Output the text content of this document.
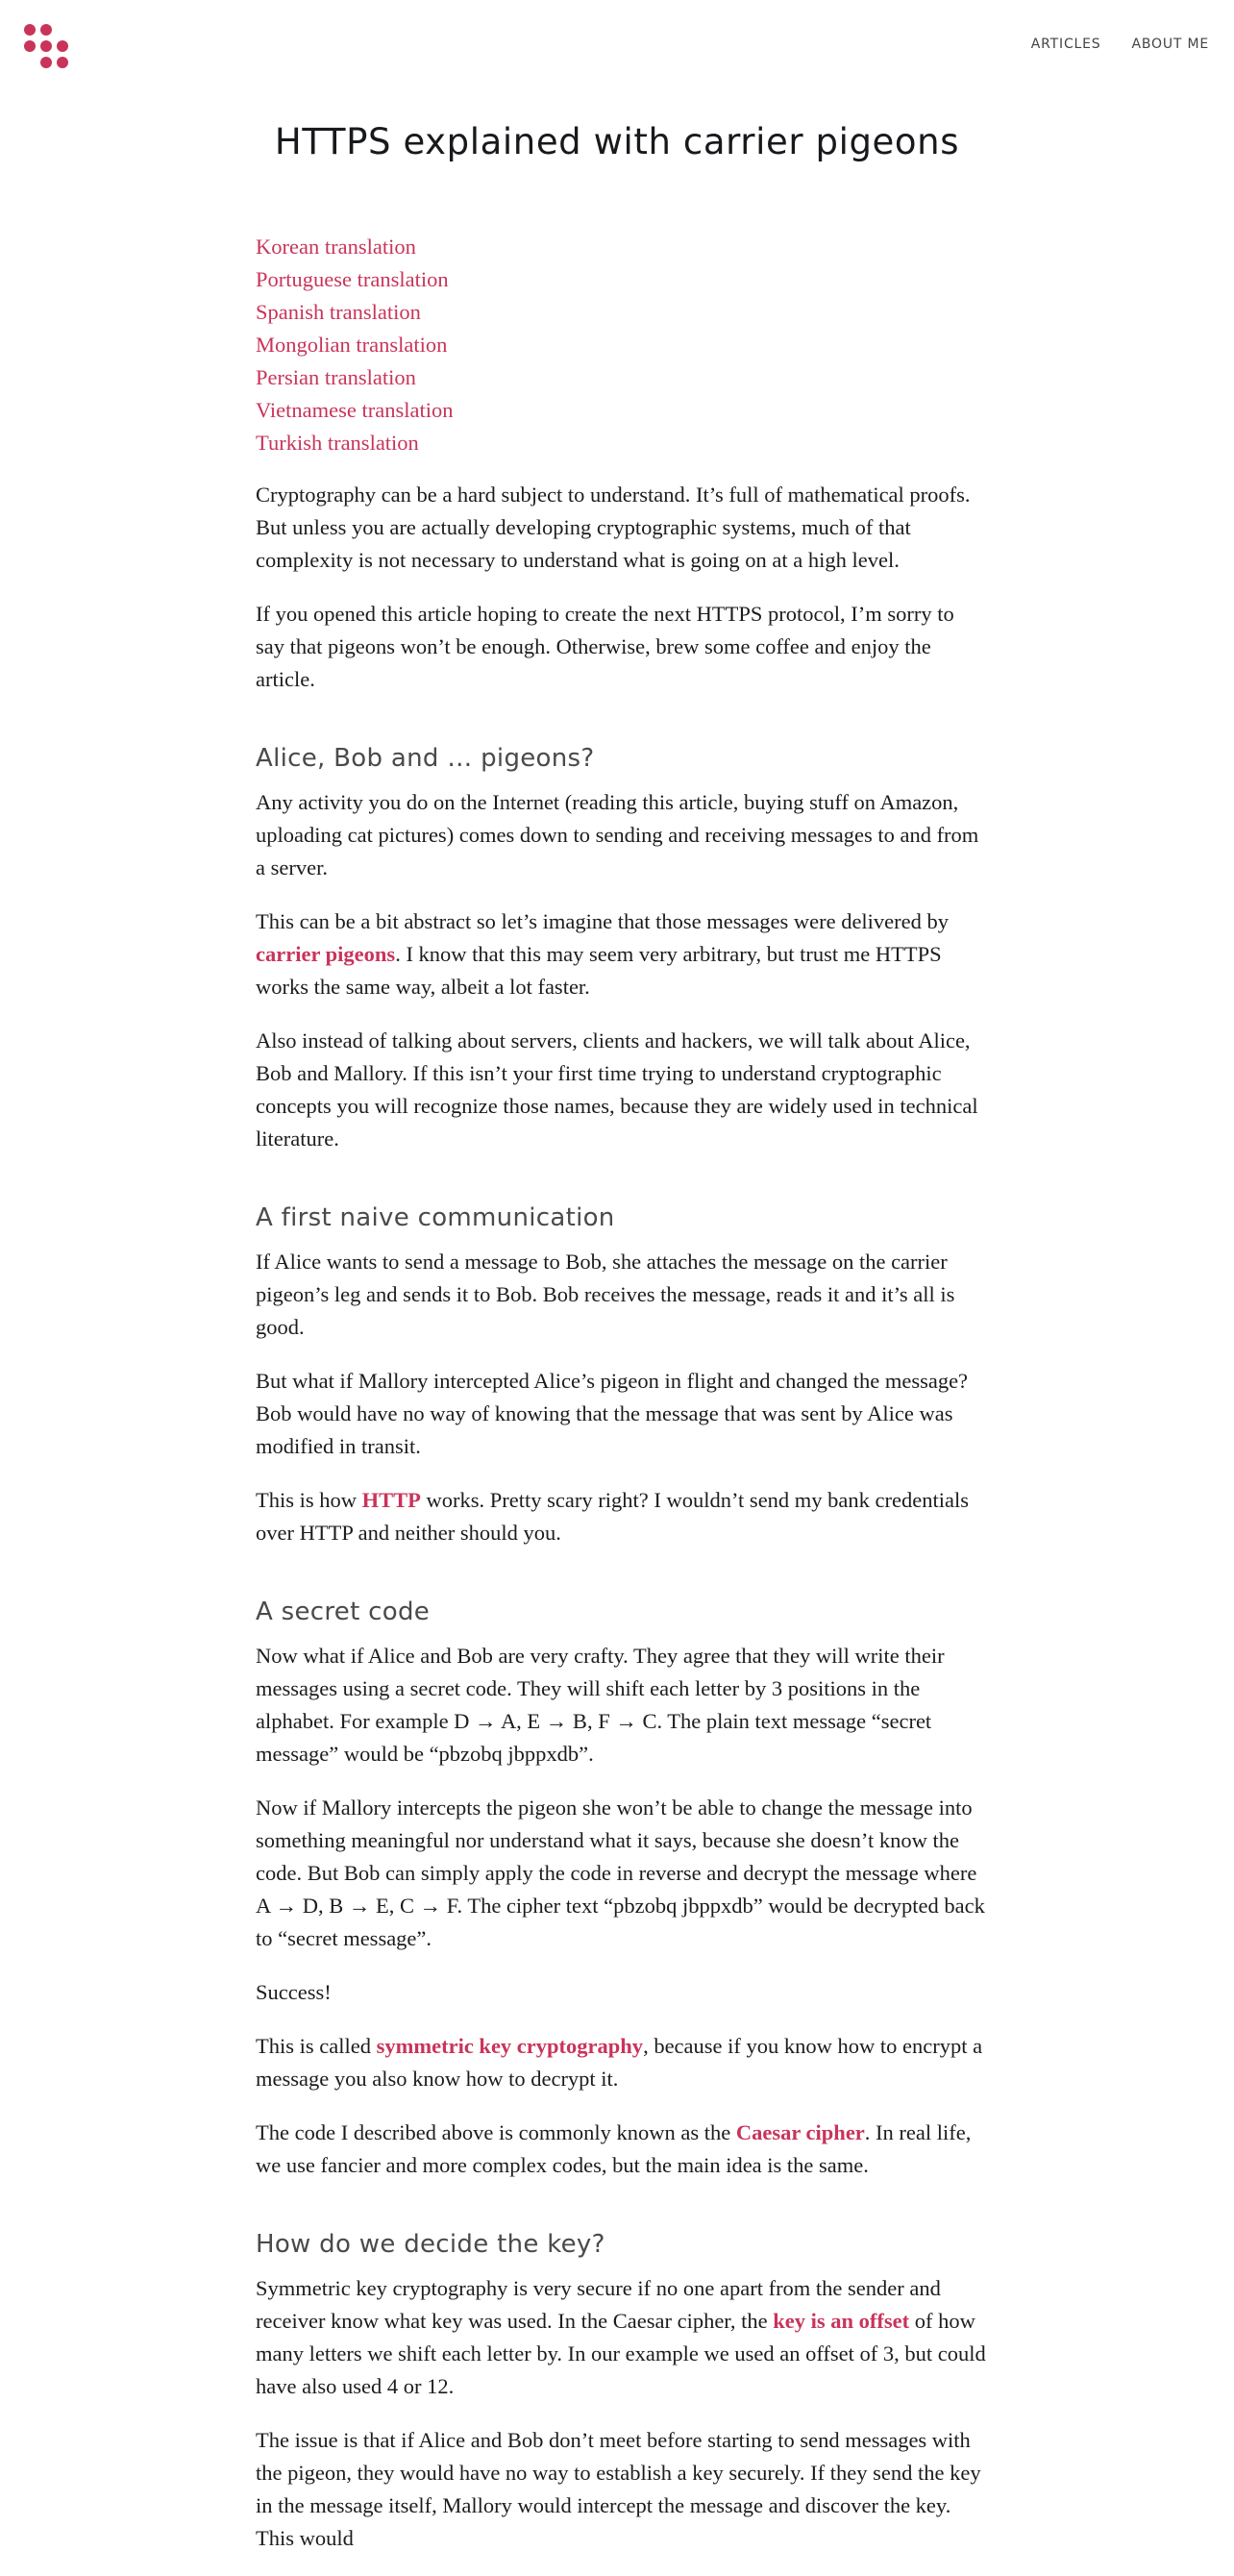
ARTICLES ABOUT ME
HTTPS explained with carrier pigeons
Korean translation
Portuguese translation
Spanish translation
Mongolian translation
Persian translation
Vietnamese translation
Turkish translation

Cryptography can be a hard subject to understand. It’s full of mathematical proofs. But unless you are actually developing cryptographic systems, much of that complexity is not necessary to understand what is going on at a high level.

If you opened this article hoping to create the next HTTPS protocol, I’m sorry to say that pigeons won’t be enough. Otherwise, brew some coffee and enjoy the article.

Alice, Bob and … pigeons?

Any activity you do on the Internet (reading this article, buying stuff on Amazon, uploading cat pictures) comes down to sending and receiving messages to and from a server.

This can be a bit abstract so let’s imagine that those messages were delivered by carrier pigeons. I know that this may seem very arbitrary, but trust me HTTPS works the same way, albeit a lot faster.

Also instead of talking about servers, clients and hackers, we will talk about Alice, Bob and Mallory. If this isn’t your first time trying to understand cryptographic concepts you will recognize those names, because they are widely used in technical literature.

A first naive communication

If Alice wants to send a message to Bob, she attaches the message on the carrier pigeon’s leg and sends it to Bob. Bob receives the message, reads it and it’s all is good.

But what if Mallory intercepted Alice’s pigeon in flight and changed the message? Bob would have no way of knowing that the message that was sent by Alice was modified in transit.

This is how HTTP works. Pretty scary right? I wouldn’t send my bank credentials over HTTP and neither should you.

A secret code

Now what if Alice and Bob are very crafty. They agree that they will write their messages using a secret code. They will shift each letter by 3 positions in the alphabet. For example D → A, E → B, F → C. The plain text message “secret message” would be “pbzobq jbppxdb”.

Now if Mallory intercepts the pigeon she won’t be able to change the message into something meaningful nor understand what it says, because she doesn’t know the code. But Bob can simply apply the code in reverse and decrypt the message where A → D, B → E, C → F. The cipher text “pbzobq jbppxdb” would be decrypted back to “secret message”.

Success!

This is called symmetric key cryptography, because if you know how to encrypt a message you also know how to decrypt it.

The code I described above is commonly known as the Caesar cipher. In real life, we use fancier and more complex codes, but the main idea is the same.

How do we decide the key?

Symmetric key cryptography is very secure if no one apart from the sender and receiver know what key was used. In the Caesar cipher, the key is an offset of how many letters we shift each letter by. In our example we used an offset of 3, but could have also used 4 or 12.

The issue is that if Alice and Bob don’t meet before starting to send messages with the pigeon, they would have no way to establish a key securely. If they send the key in the message itself, Mallory would intercept the message and discover the key. This would
